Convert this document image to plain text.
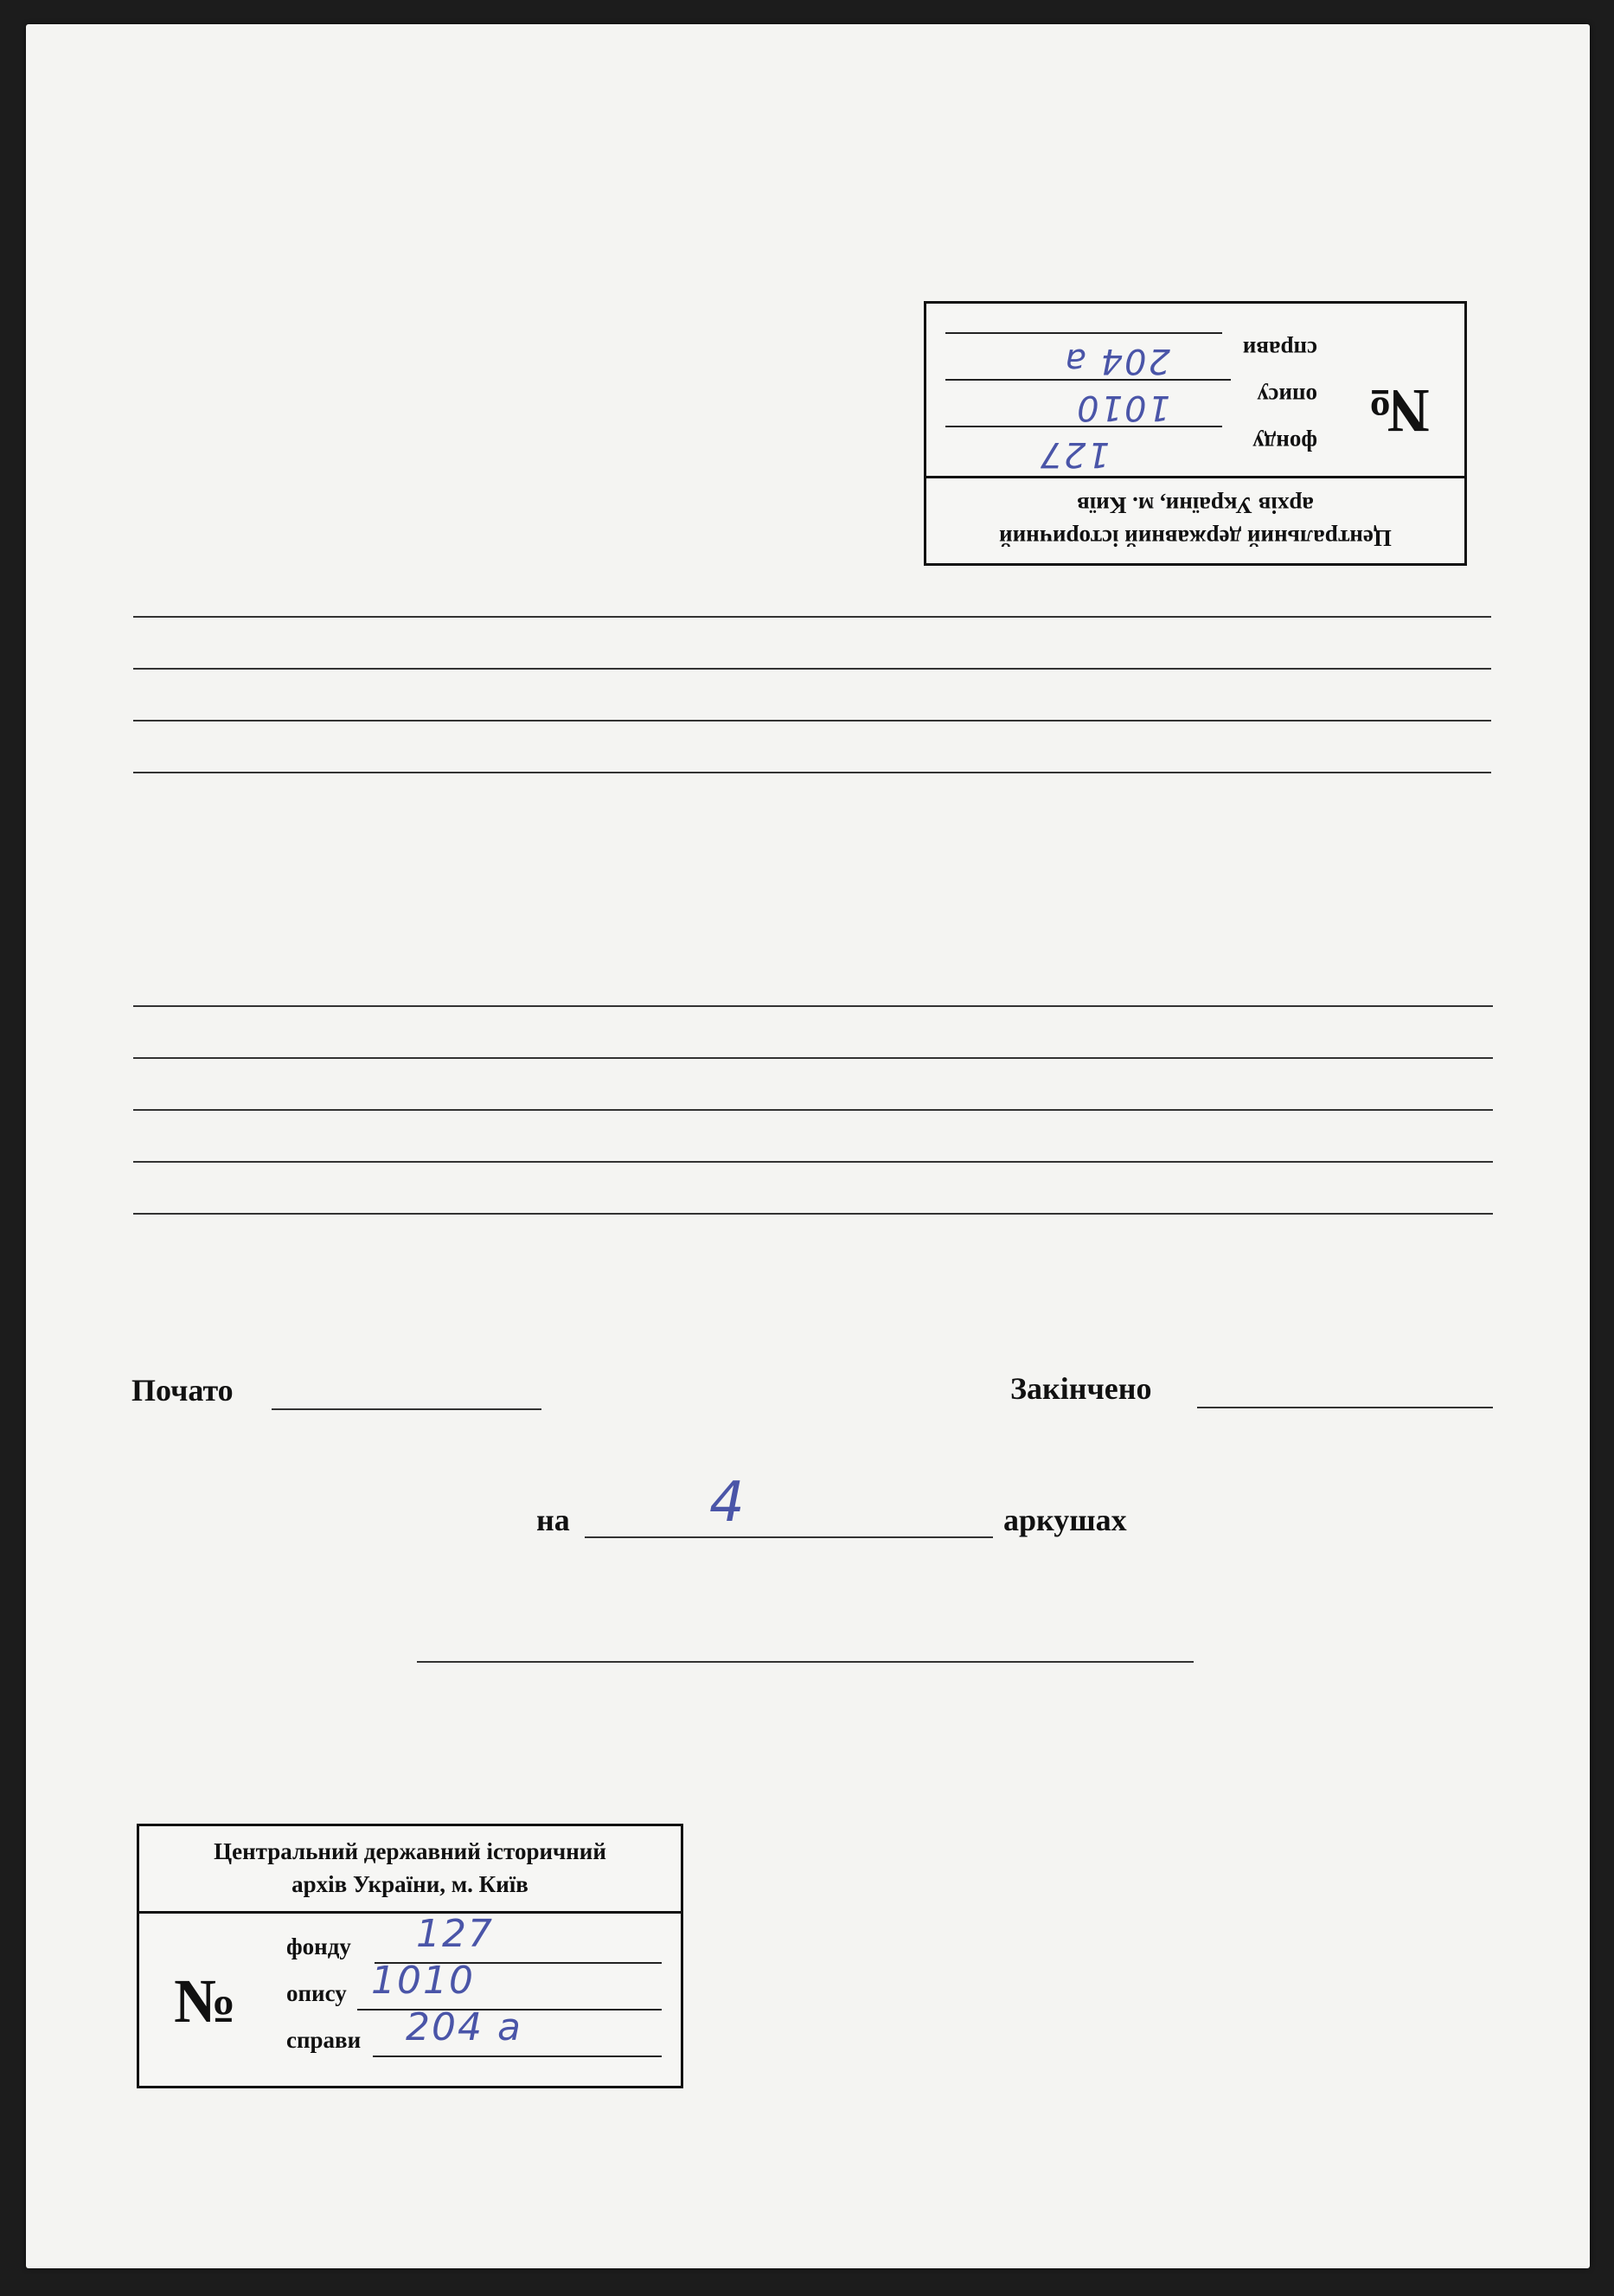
Центральний державний історичний
архів України, м. Київ
№
фонду
127
опису
1010
справи
204 а
Почато	Закінчено
на	4	аркушах
Центральний державний історичний
архів України, м. Київ
№
фонду 127
опису 1010
справи 204 а
